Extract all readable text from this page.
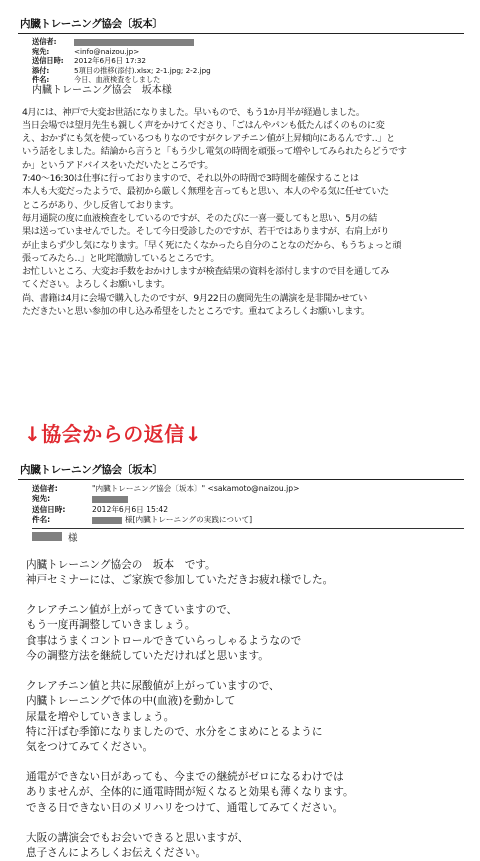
内臓トレーニング協会〔坂本〕
送信者:
宛先:	<info@naizou.jp>
送信日時:	2012年6月6日 17:32
添付:	5項目の推移(添付).xlsx; 2-1.jpg; 2-2.jpg
件名:	今日、血液検査をしました
内臓トレーニング協会　坂本様
4月には、神戸で大変お世話になりました。早いもので、もう1か月半が経過しました。
当日会場では望月先生も親しく声をかけてくださり、「ごはんやパンも低たんぱくのものに変
え、おかずにも気を使っているつもりなのですがクレアチニン値が上昇傾向にあるんです‥」と
いう話をしました。結論から言うと「もう少し電気の時間を頑張って増やしてみられたらどうです
か」というアドバイスをいただいたところです。
7:40～16:30は仕事に行っておりますので、それ以外の時間で3時間を確保することは
本人も大変だったようで、最初から厳しく無理を言ってもと思い、本人のやる気に任せていた
ところがあり、少し反省しております。
毎月通院の度に血液検査をしているのですが、そのたびに一喜一憂してもと思い、5月の結
果は送っていませんでした。そして今日受診したのですが、若干ではありますが、右肩上がり
が止まらず少し気になります。「早く死にたくなかったら自分のことなのだから、もうちょっと頑
張ってみたら‥」と叱咤激励しているところです。
お忙しいところ、大変お手数をおかけしますが検査結果の資料を添付しますので目を通してみ
てください。よろしくお願いします。
尚、書籍は4月に会場で購入したのですが、9月22日の廣岡先生の講演を是非聞かせてい
ただきたいと思い参加の申し込み希望をしたところです。重ねてよろしくお願いします。
↓協会からの返信↓
内臓トレーニング協会〔坂本〕
送信者:	"内臓トレーニング協会〔坂本〕" <sakamoto@naizou.jp>
宛先:
送信日時:	2012年6月6日 15:42
件名:	様[内臓トレーニングの実践について]
様
内臓トレーニング協会の　坂本　です。
神戸セミナーには、ご家族で参加していただきお疲れ様でした。
クレアチニン値が上がってきていますので、
もう一度再調整していきましょう。
食事はうまくコントロールできていらっしゃるようなので
今の調整方法を継続していただければと思います。
クレアチニン値と共に尿酸値が上がっていますので、
内臓トレーニングで体の中(血液)を動かして
尿量を増やしていきましょう。
特に汗ばむ季節になりましたので、水分をこまめにとるように
気をつけてみてください。
通電ができない日があっても、今までの継続がゼロになるわけでは
ありませんが、全体的に通電時間が短くなると効果も薄くなります。
できる日できない日のメリハリをつけて、通電してみてください。
大阪の講演会でもお会いできると思いますが、
息子さんによろしくお伝えください。
